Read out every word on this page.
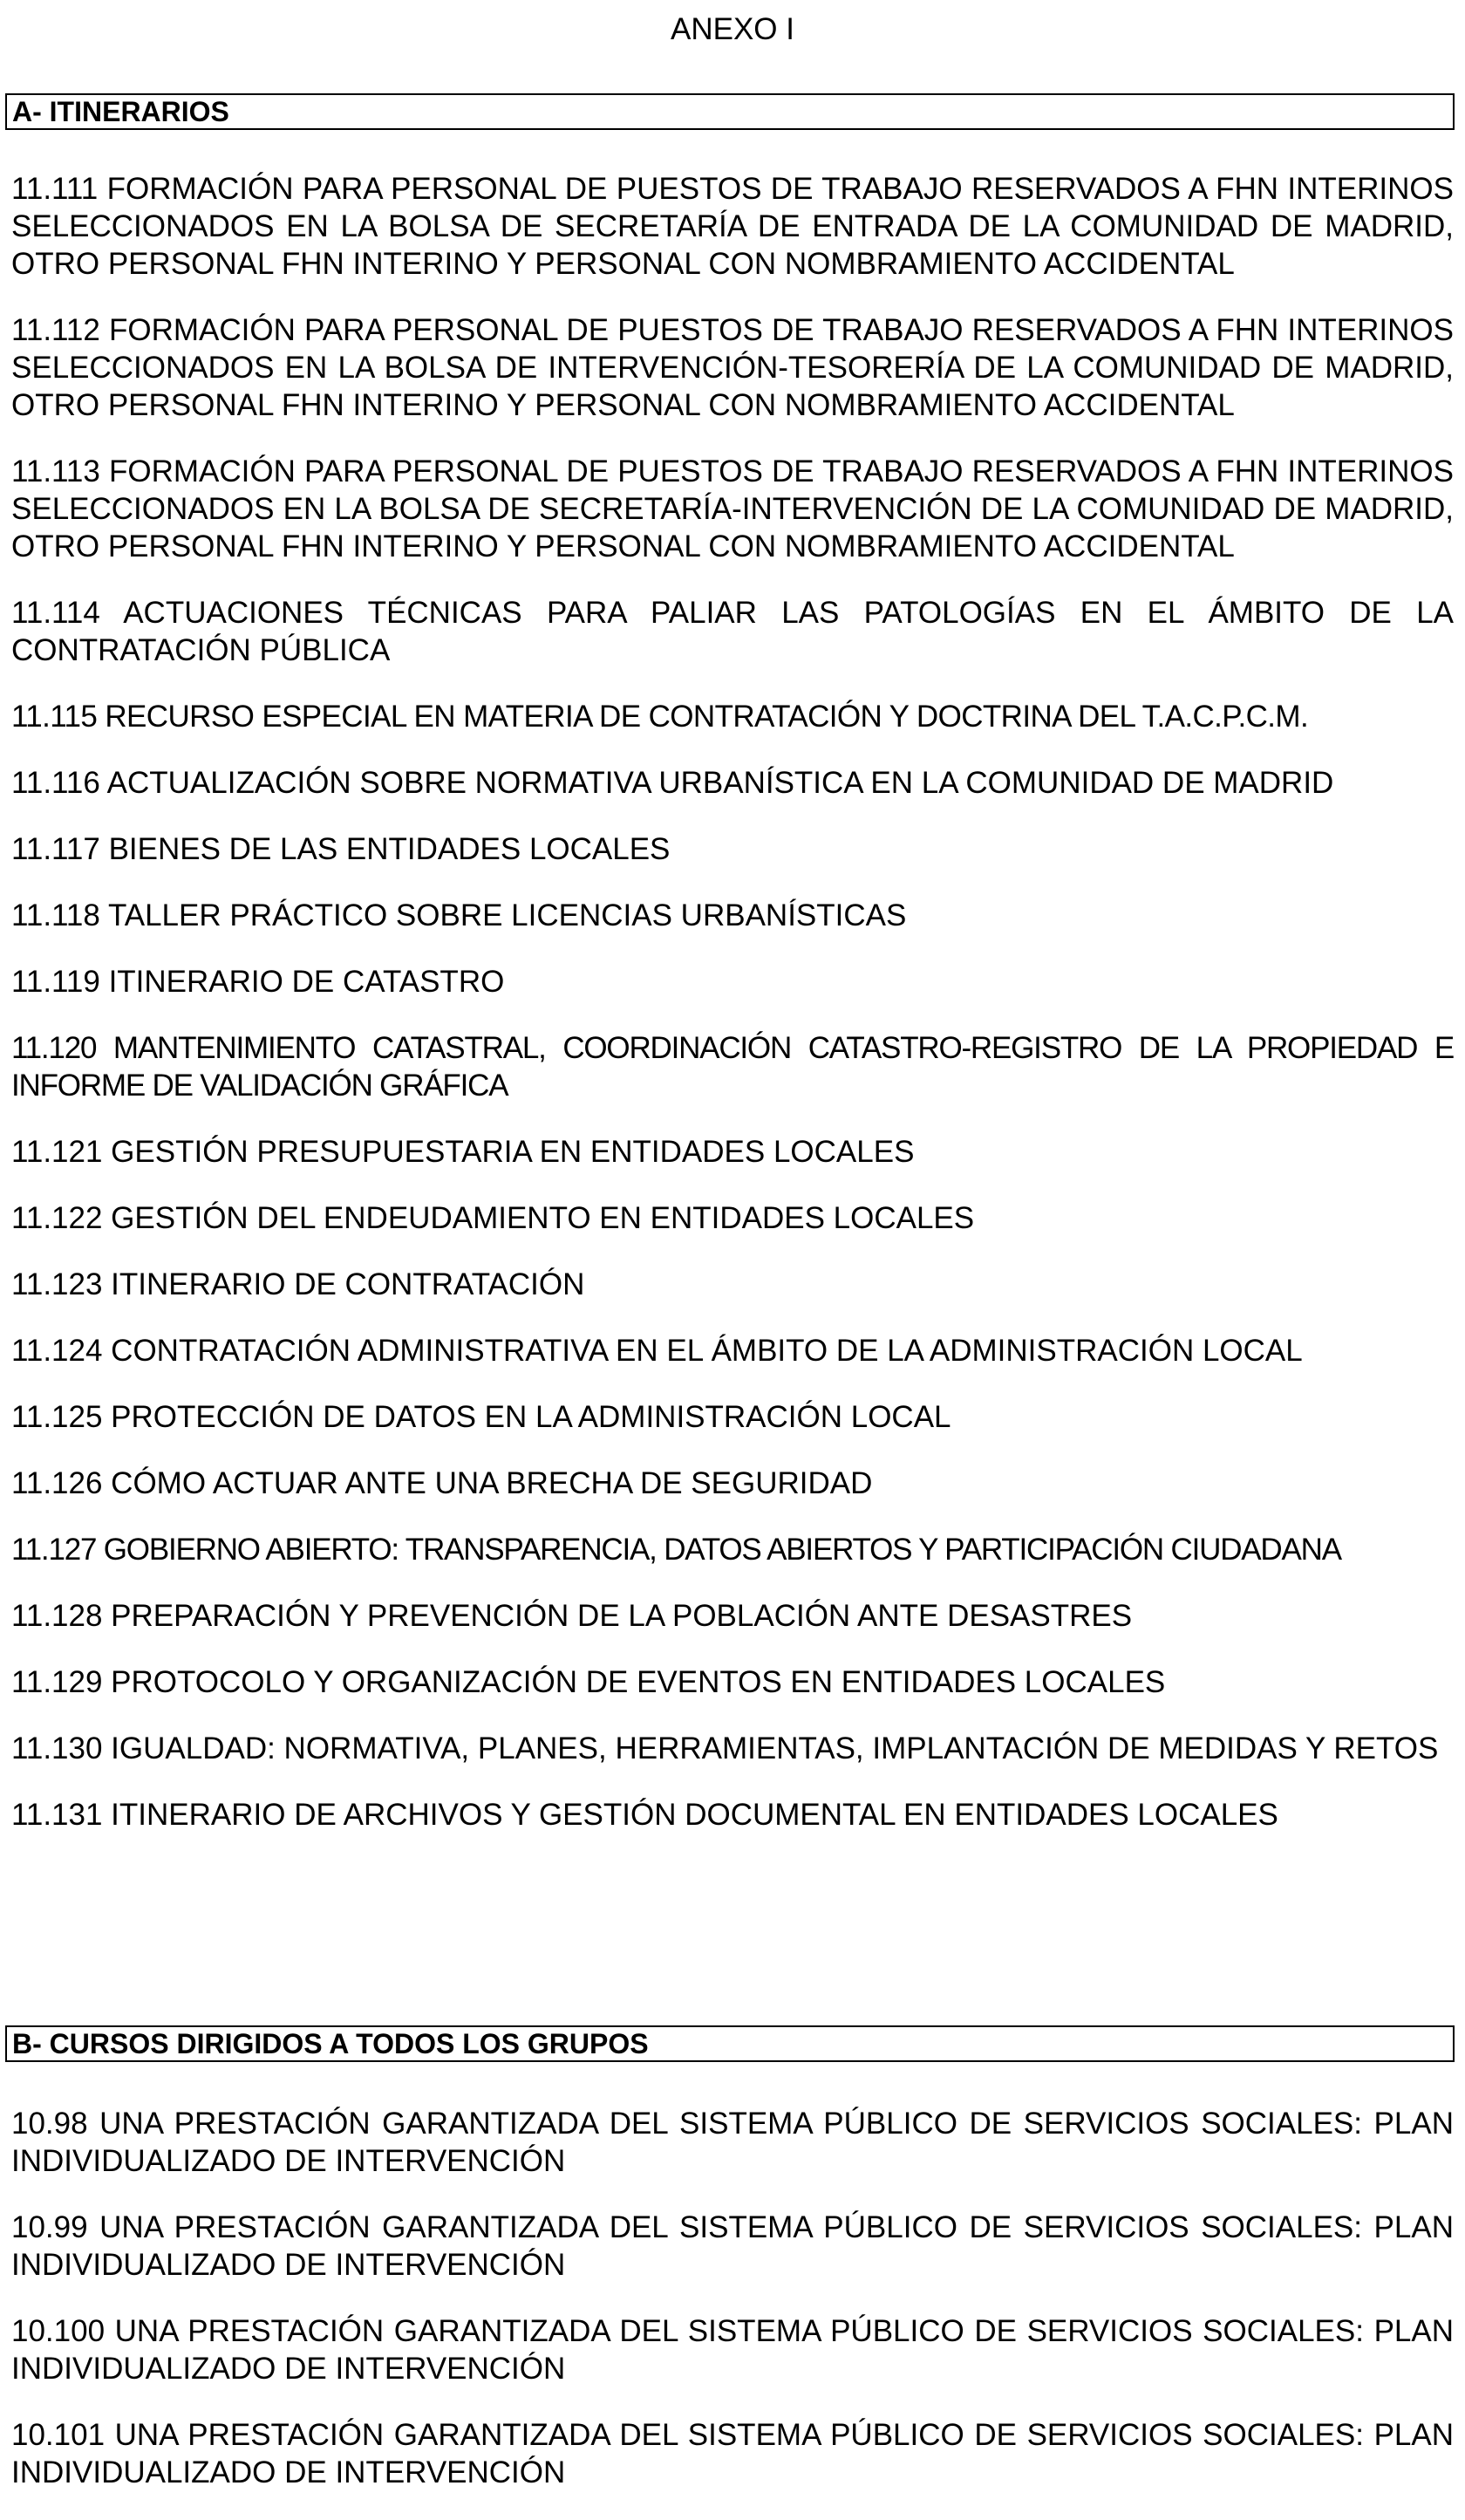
ANEXO I
A- ITINERARIOS

11.111 FORMACIÓN PARA PERSONAL DE PUESTOS DE TRABAJO RESERVADOS A FHN INTERINOS SELECCIONADOS EN LA BOLSA DE SECRETARÍA DE ENTRADA DE LA COMUNIDAD DE MADRID, OTRO PERSONAL FHN INTERINO Y PERSONAL CON NOMBRAMIENTO ACCIDENTAL

11.112 FORMACIÓN PARA PERSONAL DE PUESTOS DE TRABAJO RESERVADOS A FHN INTERINOS SELECCIONADOS EN LA BOLSA DE INTERVENCIÓN-TESORERÍA DE LA COMUNIDAD DE MADRID, OTRO PERSONAL FHN INTERINO Y PERSONAL CON NOMBRAMIENTO ACCIDENTAL

11.113 FORMACIÓN PARA PERSONAL DE PUESTOS DE TRABAJO RESERVADOS A FHN INTERINOS SELECCIONADOS EN LA BOLSA DE SECRETARÍA-INTERVENCIÓN DE LA COMUNIDAD DE MADRID, OTRO PERSONAL FHN INTERINO Y PERSONAL CON NOMBRAMIENTO ACCIDENTAL

11.114 ACTUACIONES TÉCNICAS PARA PALIAR LAS PATOLOGÍAS EN EL ÁMBITO DE LA CONTRATACIÓN PÚBLICA

11.115 RECURSO ESPECIAL EN MATERIA DE CONTRATACIÓN Y DOCTRINA DEL T.A.C.P.C.M.

11.116 ACTUALIZACIÓN SOBRE NORMATIVA URBANÍSTICA EN LA COMUNIDAD DE MADRID

11.117 BIENES DE LAS ENTIDADES LOCALES

11.118 TALLER PRÁCTICO SOBRE LICENCIAS URBANÍSTICAS

11.119 ITINERARIO DE CATASTRO

11.120 MANTENIMIENTO CATASTRAL, COORDINACIÓN CATASTRO-REGISTRO DE LA PROPIEDAD E INFORME DE VALIDACIÓN GRÁFICA

11.121 GESTIÓN PRESUPUESTARIA EN ENTIDADES LOCALES

11.122 GESTIÓN DEL ENDEUDAMIENTO EN ENTIDADES LOCALES

11.123 ITINERARIO DE CONTRATACIÓN

11.124 CONTRATACIÓN ADMINISTRATIVA EN EL ÁMBITO DE LA ADMINISTRACIÓN LOCAL

11.125 PROTECCIÓN DE DATOS EN LA ADMINISTRACIÓN LOCAL

11.126 CÓMO ACTUAR ANTE UNA BRECHA DE SEGURIDAD

11.127 GOBIERNO ABIERTO: TRANSPARENCIA, DATOS ABIERTOS Y PARTICIPACIÓN CIUDADANA

11.128 PREPARACIÓN Y PREVENCIÓN DE LA POBLACIÓN ANTE DESASTRES

11.129 PROTOCOLO Y ORGANIZACIÓN DE EVENTOS EN ENTIDADES LOCALES

11.130 IGUALDAD: NORMATIVA, PLANES, HERRAMIENTAS, IMPLANTACIÓN DE MEDIDAS Y RETOS

11.131 ITINERARIO DE ARCHIVOS Y GESTIÓN DOCUMENTAL EN ENTIDADES LOCALES

B- CURSOS DIRIGIDOS A TODOS LOS GRUPOS

10.98 UNA PRESTACIÓN GARANTIZADA DEL SISTEMA PÚBLICO DE SERVICIOS SOCIALES: PLAN INDIVIDUALIZADO DE INTERVENCIÓN

10.99 UNA PRESTACIÓN GARANTIZADA DEL SISTEMA PÚBLICO DE SERVICIOS SOCIALES: PLAN INDIVIDUALIZADO DE INTERVENCIÓN

10.100 UNA PRESTACIÓN GARANTIZADA DEL SISTEMA PÚBLICO DE SERVICIOS SOCIALES: PLAN INDIVIDUALIZADO DE INTERVENCIÓN

10.101 UNA PRESTACIÓN GARANTIZADA DEL SISTEMA PÚBLICO DE SERVICIOS SOCIALES: PLAN INDIVIDUALIZADO DE INTERVENCIÓN
